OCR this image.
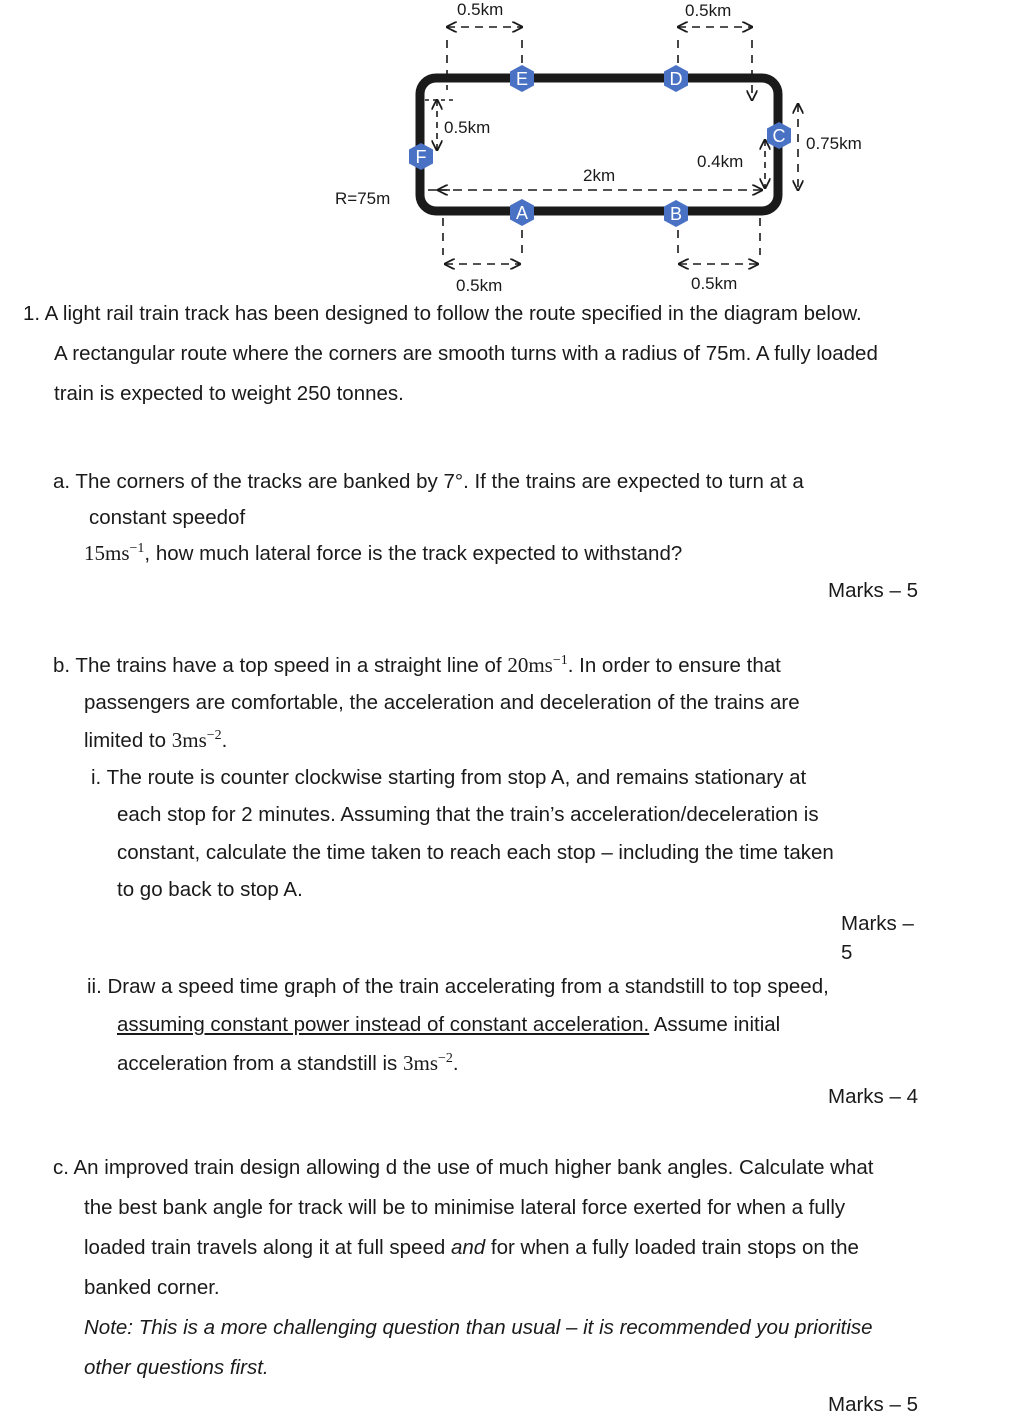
E	D
C
F
A	B
0.5km	0.5km
0.5km
0.75km
0.4km
2km
R=75m
0.5km	0.5km
1. A light rail train track has been designed to follow the route specified in the diagram below.
A rectangular route where the corners are smooth turns with a radius of 75m. A fully loaded
train is expected to weight 250 tonnes.
a. The corners of the tracks are banked by 7°. If the trains are expected to turn at a
constant speedof
$15ms^{-1}$, how much lateral force is the track expected to withstand?
Marks – 5
b. The trains have a top speed in a straight line of $20ms^{-1}$. In order to ensure that
passengers are comfortable, the acceleration and deceleration of the trains are
limited to $3ms^{-2}$.
i. The route is counter clockwise starting from stop A, and remains stationary at
each stop for 2 minutes. Assuming that the train’s acceleration/deceleration is
constant, calculate the time taken to reach each stop – including the time taken
to go back to stop A.
Marks –
5
ii. Draw a speed time graph of the train accelerating from a standstill to top speed,
assuming constant power instead of constant acceleration. Assume initial
acceleration from a standstill is $3ms^{-2}$.
Marks – 4
c. An improved train design allowing d the use of much higher bank angles. Calculate what
the best bank angle for track will be to minimise lateral force exerted for when a fully
loaded train travels along it at full speed and for when a fully loaded train stops on the
banked corner.
Note: This is a more challenging question than usual – it is recommended you prioritise
other questions first.
Marks – 5
